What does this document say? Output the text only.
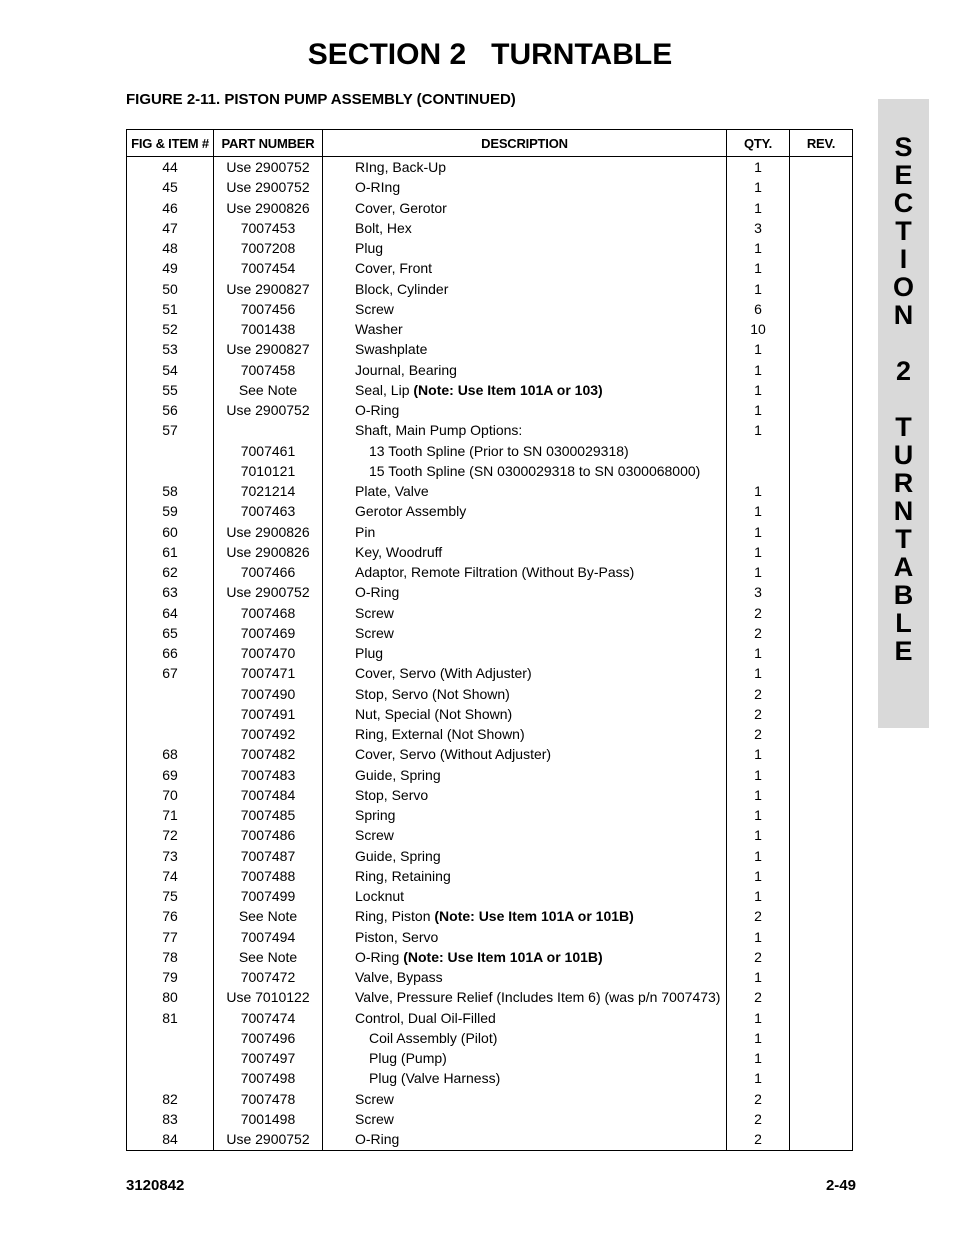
SECTION 2   TURNTABLE
FIGURE 2-11. PISTON PUMP ASSEMBLY (CONTINUED)
S
E
C
T
I
O
N
2
T
U
R
N
T
A
B
L
E
FIG & ITEM #	PART NUMBER	DESCRIPTION	QTY.	REV.
44	Use 2900752	RIng, Back-Up	1	
45	Use 2900752	O-RIng	1	
46	Use 2900826	Cover, Gerotor	1	
47	7007453	Bolt, Hex	3	
48	7007208	Plug	1	
49	7007454	Cover, Front	1	
50	Use 2900827	Block, Cylinder	1	
51	7007456	Screw	6	
52	7001438	Washer	10	
53	Use 2900827	Swashplate	1	
54	7007458	Journal, Bearing	1	
55	See Note	Seal, Lip (Note: Use Item 101A or 103)	1	
56	Use 2900752	O-Ring	1	
57		Shaft, Main Pump Options:	1	
	7007461	13 Tooth Spline (Prior to SN 0300029318)		
	7010121	15 Tooth Spline (SN 0300029318 to SN 0300068000)		
58	7021214	Plate, Valve	1	
59	7007463	Gerotor Assembly	1	
60	Use 2900826	Pin	1	
61	Use 2900826	Key, Woodruff	1	
62	7007466	Adaptor, Remote Filtration (Without By-Pass)	1	
63	Use 2900752	O-Ring	3	
64	7007468	Screw	2	
65	7007469	Screw	2	
66	7007470	Plug	1	
67	7007471	Cover, Servo (With Adjuster)	1	
	7007490	Stop, Servo (Not Shown)	2	
	7007491	Nut, Special (Not Shown)	2	
	7007492	Ring, External (Not Shown)	2	
68	7007482	Cover, Servo (Without Adjuster)	1	
69	7007483	Guide, Spring	1	
70	7007484	Stop, Servo	1	
71	7007485	Spring	1	
72	7007486	Screw	1	
73	7007487	Guide, Spring	1	
74	7007488	Ring, Retaining	1	
75	7007499	Locknut	1	
76	See Note	Ring, Piston (Note: Use Item 101A or 101B)	2	
77	7007494	Piston, Servo	1	
78	See Note	O-Ring (Note: Use Item 101A or 101B)	2	
79	7007472	Valve, Bypass	1	
80	Use 7010122	Valve, Pressure Relief (Includes Item 6) (was p/n 7007473)	2	
81	7007474	Control, Dual Oil-Filled	1	
	7007496	Coil Assembly (Pilot)	1	
	7007497	Plug (Pump)	1	
	7007498	Plug (Valve Harness)	1	
82	7007478	Screw	2	
83	7001498	Screw	2	
84	Use 2900752	O-Ring	2	
3120842	2-49
